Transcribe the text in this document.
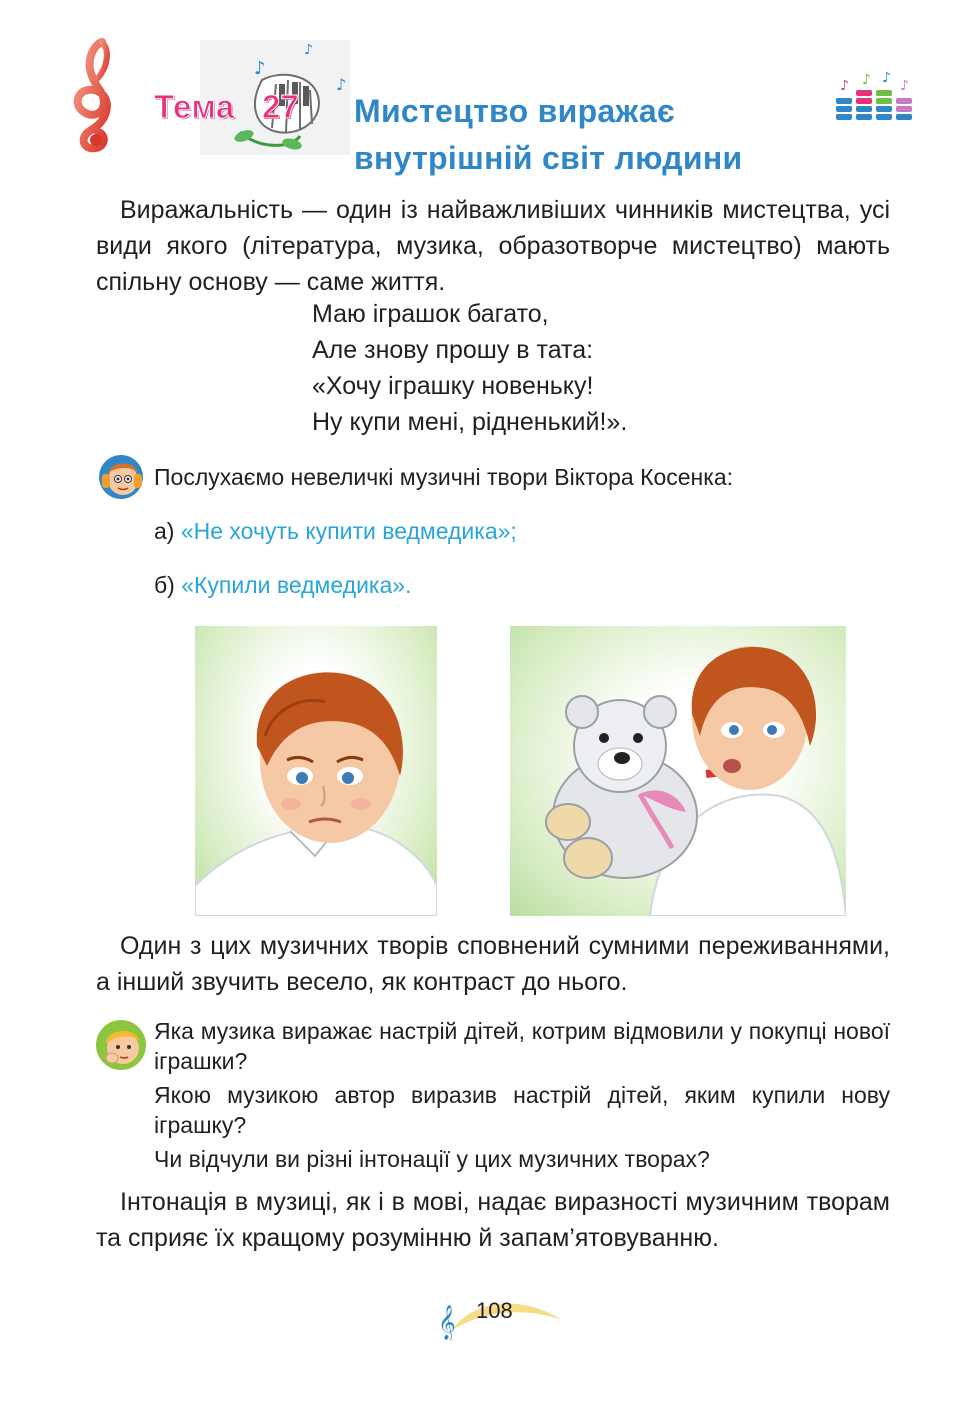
♪
♪
♪
Тема 27 Мистецтво виражає
внутрішній світ людини
♪ ♪ ♪ ♪
Виражальність — один із найважливіших чинників мистецтва, усі види якого (література, музика, образотворче мистецтво) мають спільну основу — саме життя.
Маю іграшок багато,
Але знову прошу в тата:
«Хочу іграшку новеньку!
Ну купи мені, рідненький!».
Послухаємо невеличкі музичні твори Віктора Косенка:
а) «Не хочуть купити ведмедика»;
б) «Купили ведмедика».
Один з цих музичних творів сповнений сумними переживаннями, а інший звучить весело, як контраст до нього.
Яка музика виражає настрій дітей, котрим відмовили у покупці нової іграшки?
Якою музикою автор виразив настрій дітей, яким купили нову іграшку?
Чи відчули ви різні інтонації у цих музичних творах?
Інтонація в музиці, як і в мові, надає виразності музичним творам та сприяє їх кращому розумінню й запам’ятовуванню.
𝄞 108
